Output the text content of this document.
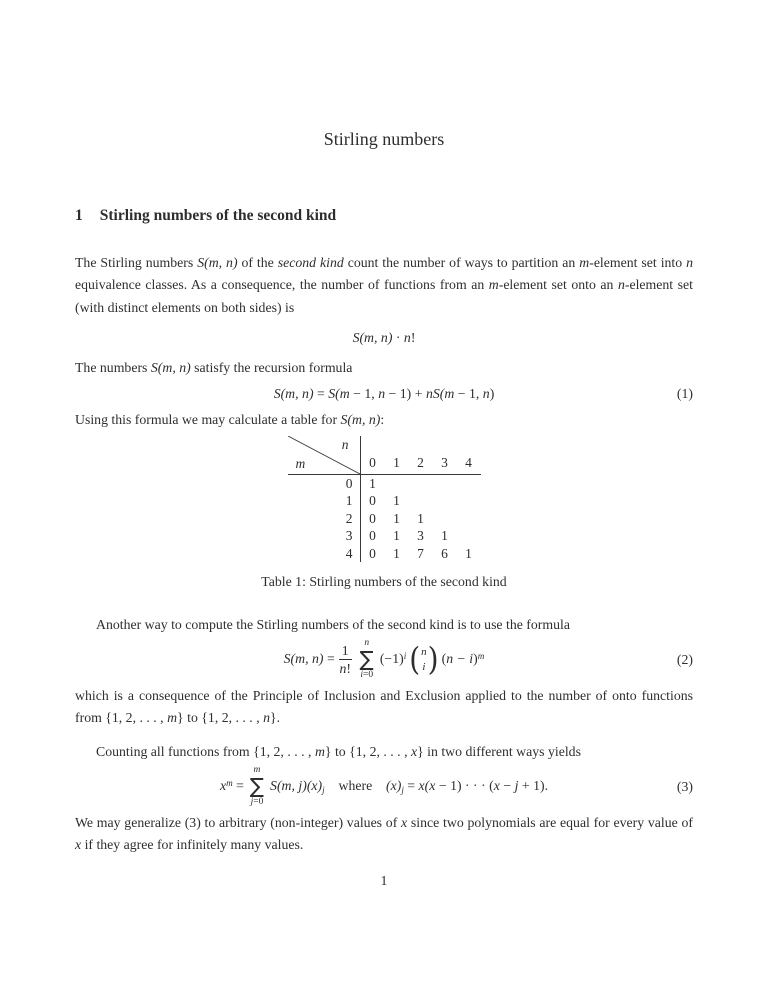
Stirling numbers
1 Stirling numbers of the second kind

The Stirling numbers S(m, n) of the second kind count the number of ways to partition an m-element set into n equivalence classes. As a consequence, the number of functions from an m-element set onto an n-element set (with distinct elements on both sides) is

S(m, n) · n!

The numbers S(m, n) satisfy the recursion formula

S(m, n) = S(m − 1, n − 1) + nS(m − 1, n)	(1)

Using this formula we may calculate a table for S(m, n):

n
m	0	1	2	3	4
0	1
1	0	1
2	0	1	1
3	0	1	3	1
4	0	1	7	6	1
Table 1: Stirling numbers of the second kind

Another way to compute the Stirling numbers of the second kind is to use the formula

S(m, $n) = \frac{1}{n!}$ n
∑
i=0
$(-1)^i$ ( n
i ) $(n - i)^m$	(2)

which is a consequence of the Principle of Inclusion and Exclusion applied to the number of onto functions from {1, 2, . . . , m} to {1, 2, . . . , n}.

Counting all functions from {1, 2, . . . , m} to {1, 2, . . . , x} in two different ways yields

$x^m$ =
m
∑
j=0
S(m, $j)(x)_j$ where $(x)_j = x(x - 1)$ · · · (x − j + 1).	(3)

We may generalize (3) to arbitrary (non-integer) values of x since two polynomials are equal for every value of x if they agree for infinitely many values.

1
